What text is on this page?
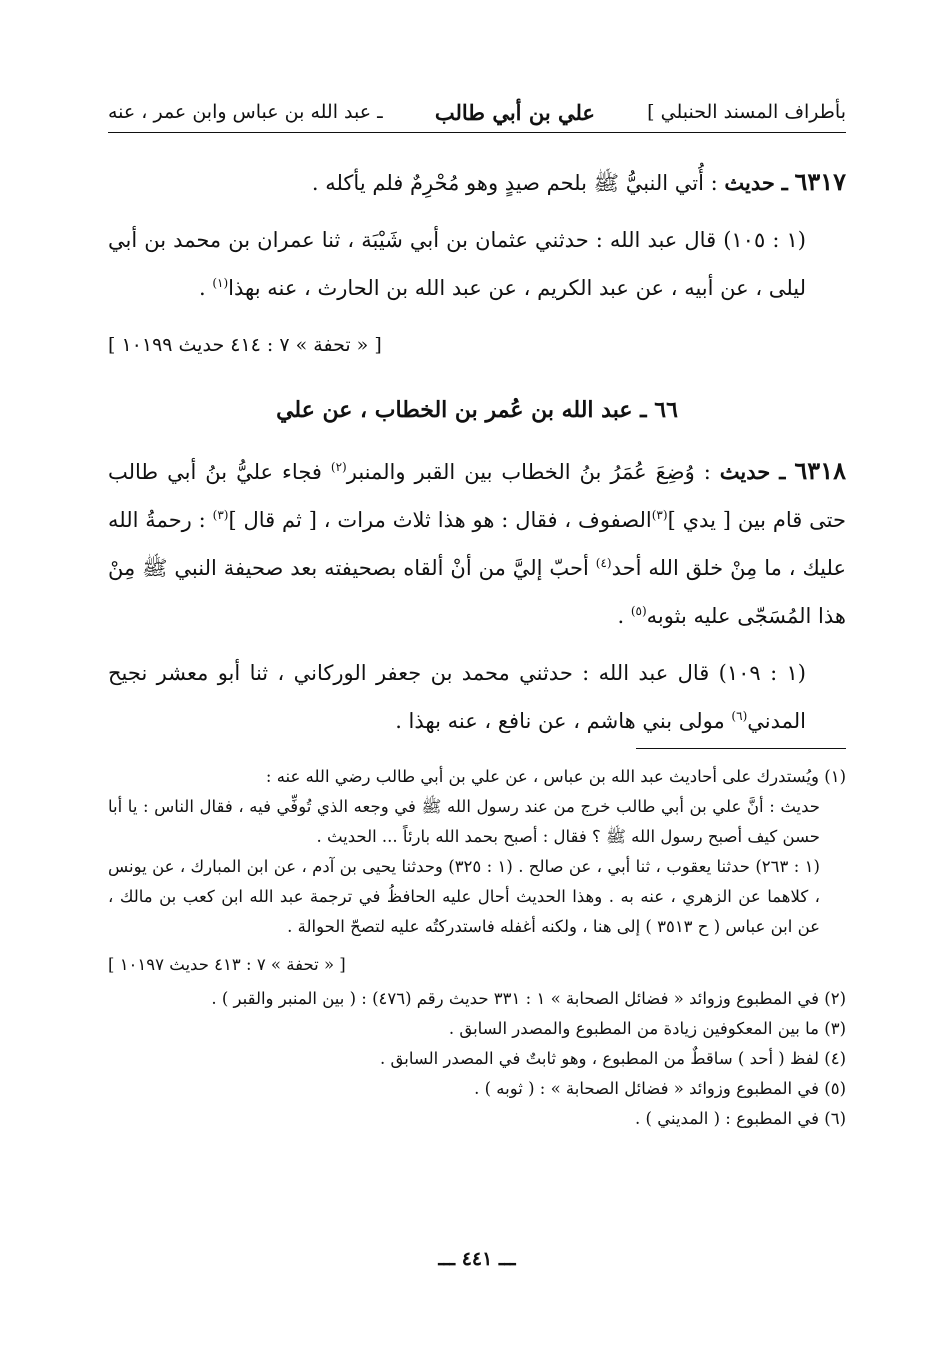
بأطراف المسند الحنبلي ]
علي بن أبي طالب
ـ عبد الله بن عباس وابن عمر ، عنه

٦٣١٧ ـ حديث : أُتي النبيُّ ﷺ بلحم صيدٍ وهو مُحْرِمٌ فلم يأكله .

(١ : ١٠٥) قال عبد الله : حدثني عثمان بن أبي شَيْبَة ، ثنا عمران بن محمد بن أبي ليلى ، عن أبيه ، عن عبد الكريم ، عن عبد الله بن الحارث ، عنه بهذا$^{(١)}$ .

[ « تحفة » ٧ : ٤١٤ حديث ١٠١٩٩ ]

٦٦ ـ عبد الله بن عُمر بن الخطاب ، عن علي

٦٣١٨ ـ حديث : وُضِعَ عُمَرُ بنُ الخطاب بين القبر والمنبر$^{(٢)}$ فجاء عليُّ بنُ أبي طالب حتى قام بين [ يدي ]$^{(٣)}$الصفوف ، فقال : هو هذا ثلاث مرات ، [ ثم قال ]$^{(٣)}$ : رحمةُ الله عليك ، ما مِنْ خلق الله أحد$^{(٤)}$ أحبّ إليَّ من أنْ ألقاه بصحيفته بعد صحيفة النبي ﷺ مِنْ هذا المُسَجّى عليه بثوبه$^{(٥)}$ .

(١ : ١٠٩) قال عبد الله : حدثني محمد بن جعفر الوركاني ، ثنا أبو معشر نجيح المدني$^{(٦)}$ مولى بني هاشم ، عن نافع ، عنه بهذا .

(١) ويُستدرك على أحاديث عبد الله بن عباس ، عن علي بن أبي طالب رضي الله عنه :

حديث : أنَّ علي بن أبي طالب خرج من عند رسول الله ﷺ في وجعه الذي تُوفِّي فيه ، فقال الناس : يا أبا حسن كيف أصبح رسول الله ﷺ ؟ فقال : أصبح بحمد الله بارئاً ... الحديث .

(١ : ٢٦٣) حدثنا يعقوب ، ثنا أبي ، عن صالح . (١ : ٣٢٥) وحدثنا يحيى بن آدم ، عن ابن المبارك ، عن يونس ، كلاهما عن الزهري ، عنه به . وهذا الحديث أحال عليه الحافظُ في ترجمة عبد الله ابن كعب بن مالك ، عن ابن عباس ( ح ٣٥١٣ ) إلى هنا ، ولكنه أغفله فاستدركتُه عليه لتصحّ الحوالة .

[ « تحفة » ٧ : ٤١٣ حديث ١٠١٩٧ ]

(٢) في المطبوع وزوائد « فضائل الصحابة » ١ : ٣٣١ حديث رقم (٤٧٦) : ( بين المنبر والقبر ) .

(٣) ما بين المعكوفين زيادة من المطبوع والمصدر السابق .

(٤) لفظ ( أحد ) ساقطٌ من المطبوع ، وهو ثابتٌ في المصدر السابق .

(٥) في المطبوع وزوائد « فضائل الصحابة » : ( ثوبه ) .

(٦) في المطبوع : ( المديني ) .

ـــ ٤٤١ ـــ
